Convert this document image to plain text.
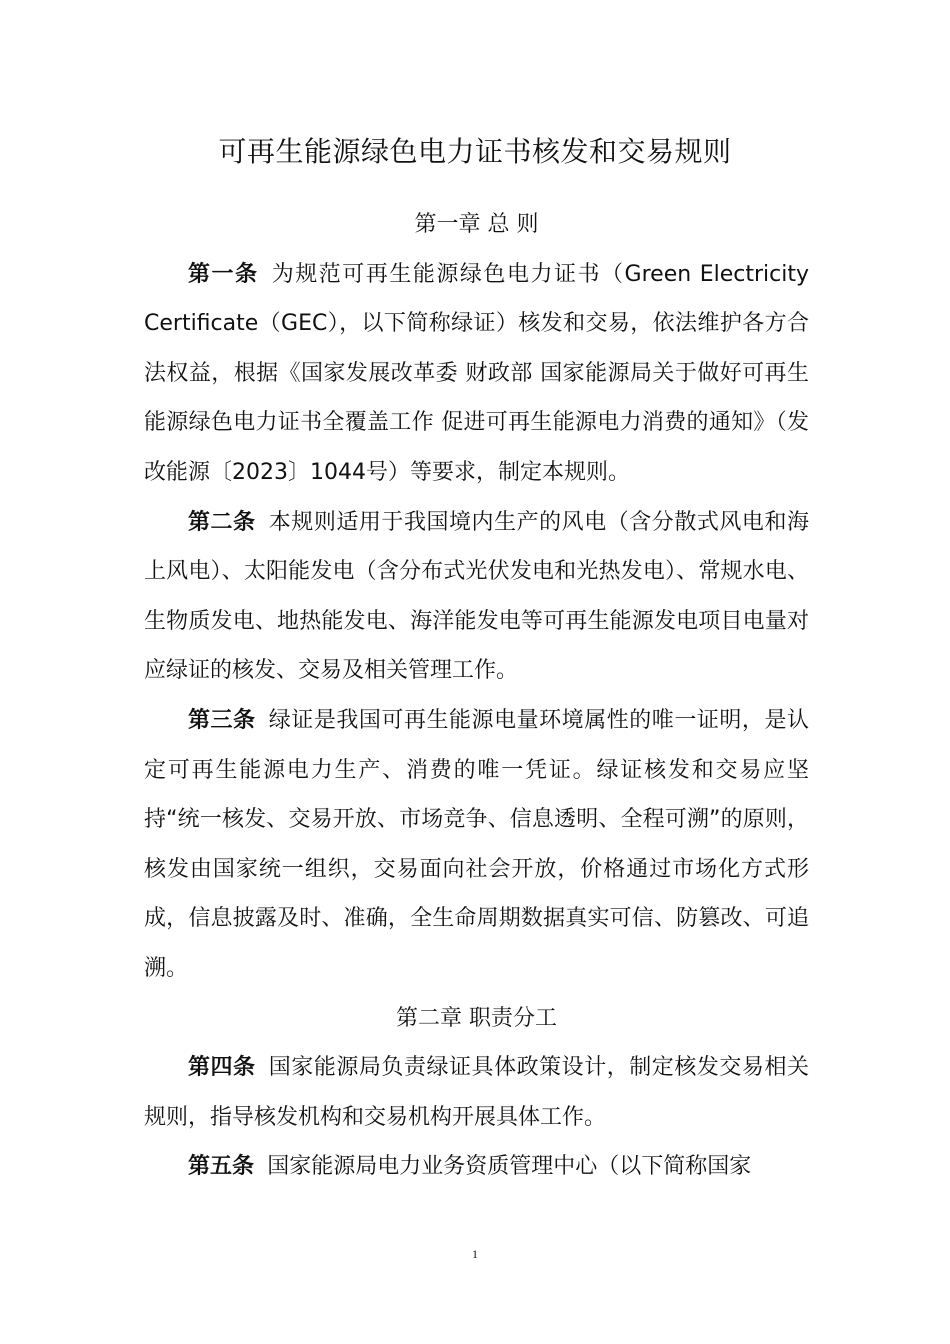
可再生能源绿色电力证书核发和交易规则
第一章 总 则

第一条 为规范可再生能源绿色电力证书（Green Electricity Certificate（GEC），以下简称绿证）核发和交易，依法维护各方合法权益，根据《国家发展改革委 财政部 国家能源局关于做好可再生能源绿色电力证书全覆盖工作 促进可再生能源电力消费的通知》（发改能源〔2023〕1044号）等要求，制定本规则。

第二条 本规则适用于我国境内生产的风电（含分散式风电和海上风电）、太阳能发电（含分布式光伏发电和光热发电）、常规水电、生物质发电、地热能发电、海洋能发电等可再生能源发电项目电量对应绿证的核发、交易及相关管理工作。

第三条 绿证是我国可再生能源电量环境属性的唯一证明，是认定可再生能源电力生产、消费的唯一凭证。绿证核发和交易应坚持“统一核发、交易开放、市场竞争、信息透明、全程可溯”的原则，核发由国家统一组织，交易面向社会开放，价格通过市场化方式形成，信息披露及时、准确，全生命周期数据真实可信、防篡改、可追溯。

第二章 职责分工

第四条 国家能源局负责绿证具体政策设计，制定核发交易相关规则，指导核发机构和交易机构开展具体工作。

第五条 国家能源局电力业务资质管理中心（以下简称国家

1
